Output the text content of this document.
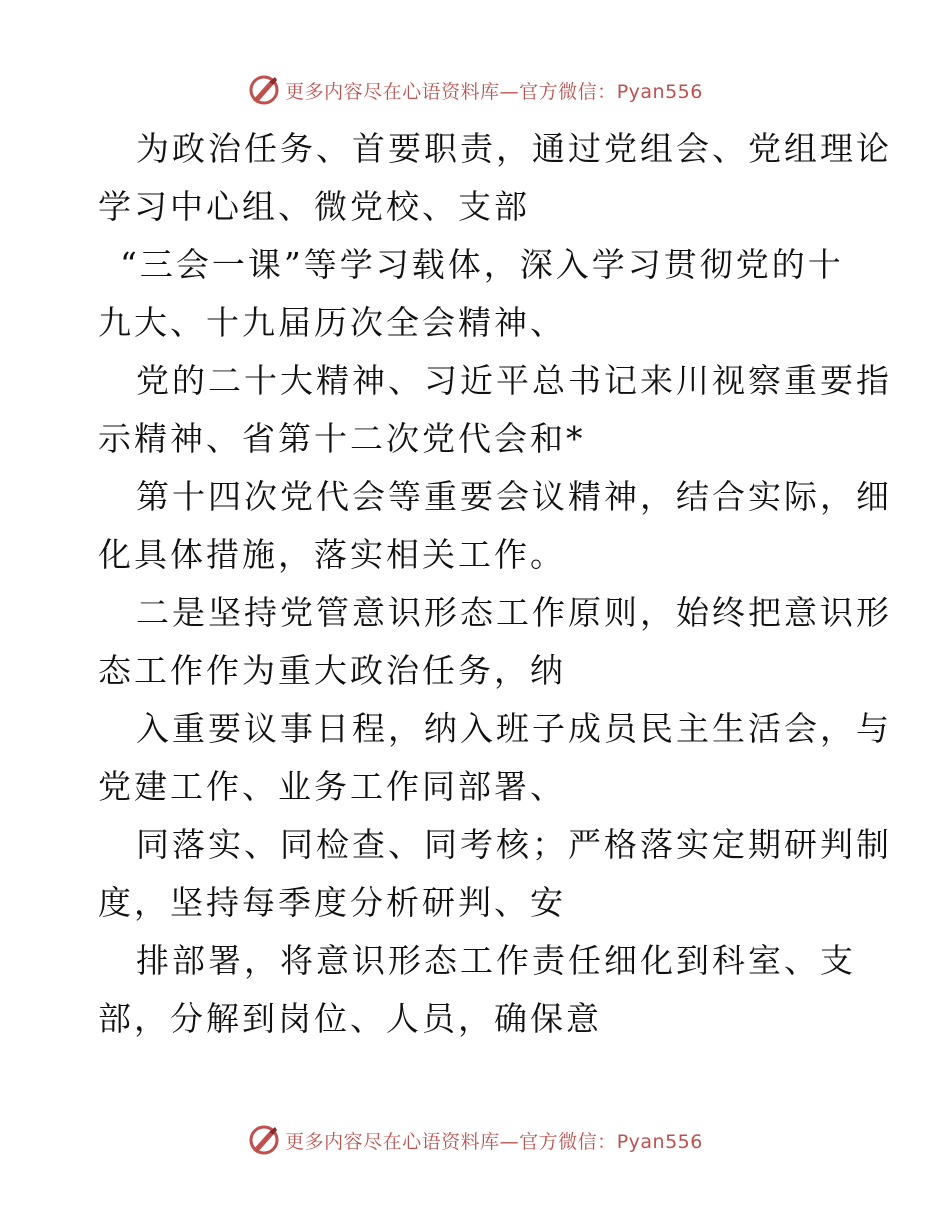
更多内容尽在心语资料库—官方微信：Pyan556

为政治任务、首要职责，通过党组会、党组理论
学习中心组、微党校、支部

“三会一课”等学习载体，深入学习贯彻党的十
九大、十九届历次全会精神、

党的二十大精神、习近平总书记来川视察重要指
示精神、省第十二次党代会和*

第十四次党代会等重要会议精神，结合实际，细
化具体措施，落实相关工作。

二是坚持党管意识形态工作原则，始终把意识形
态工作作为重大政治任务，纳

入重要议事日程，纳入班子成员民主生活会，与
党建工作、业务工作同部署、

同落实、同检查、同考核；严格落实定期研判制
度，坚持每季度分析研判、安

排部署，将意识形态工作责任细化到科室、支
部，分解到岗位、人员，确保意

更多内容尽在心语资料库—官方微信：Pyan556
